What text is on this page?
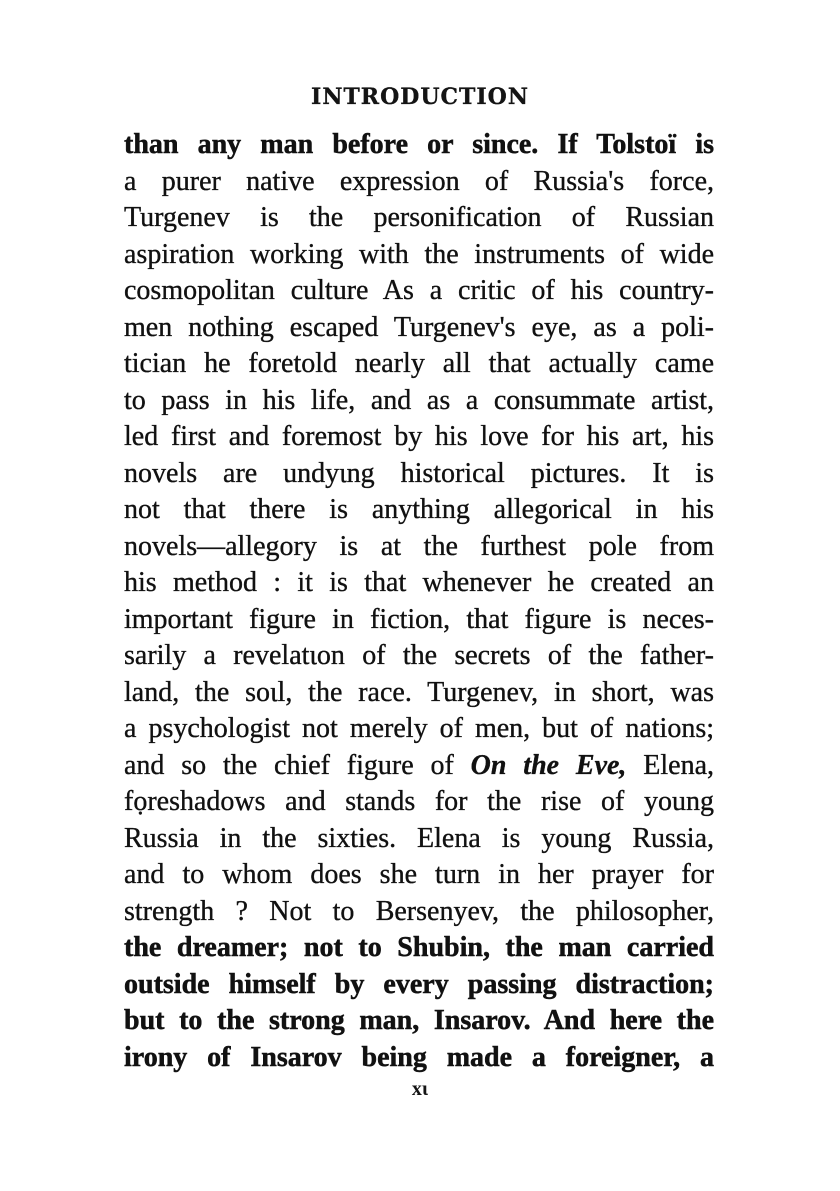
INTRODUCTION
than any man before or since. If Tolstoї is
a purer native expression of Russia's force,
Turgenev is the personification of Russian
aspiration working with the instruments of wide
cosmopolitan culture As a critic of his country-
men nothing escaped Turgenev's eye, as a poli-
tician he foretold nearly all that actually came
to pass in his life, and as a consummate artist,
led first and foremost by his love for his art, his
novels are undyιng historical pictures. It is
not that there is anything allegorical in his
novels—allegory is at the furthest pole from
his method : it is that whenever he created an
important figure in fiction, that figure is neces-
sarily a revelatιon of the secrets of the father-
land, the soιl, the race. Turgenev, in short, was
a psychologist not merely of men, but of nations;
and so the chief figure of On the Eve, Elena,
fọreshadows and stands for the rise of young
Russia in the sixties. Elena is young Russia,
and to whom does she turn in her prayer for
strength ? Not to Bersenyev, the philosopher,
the dreamer; not to Shubin, the man carried
outside himself by every passing distraction;
but to the strong man, Insarov. And here the
irony of Insarov being made a foreigner, a
xι
